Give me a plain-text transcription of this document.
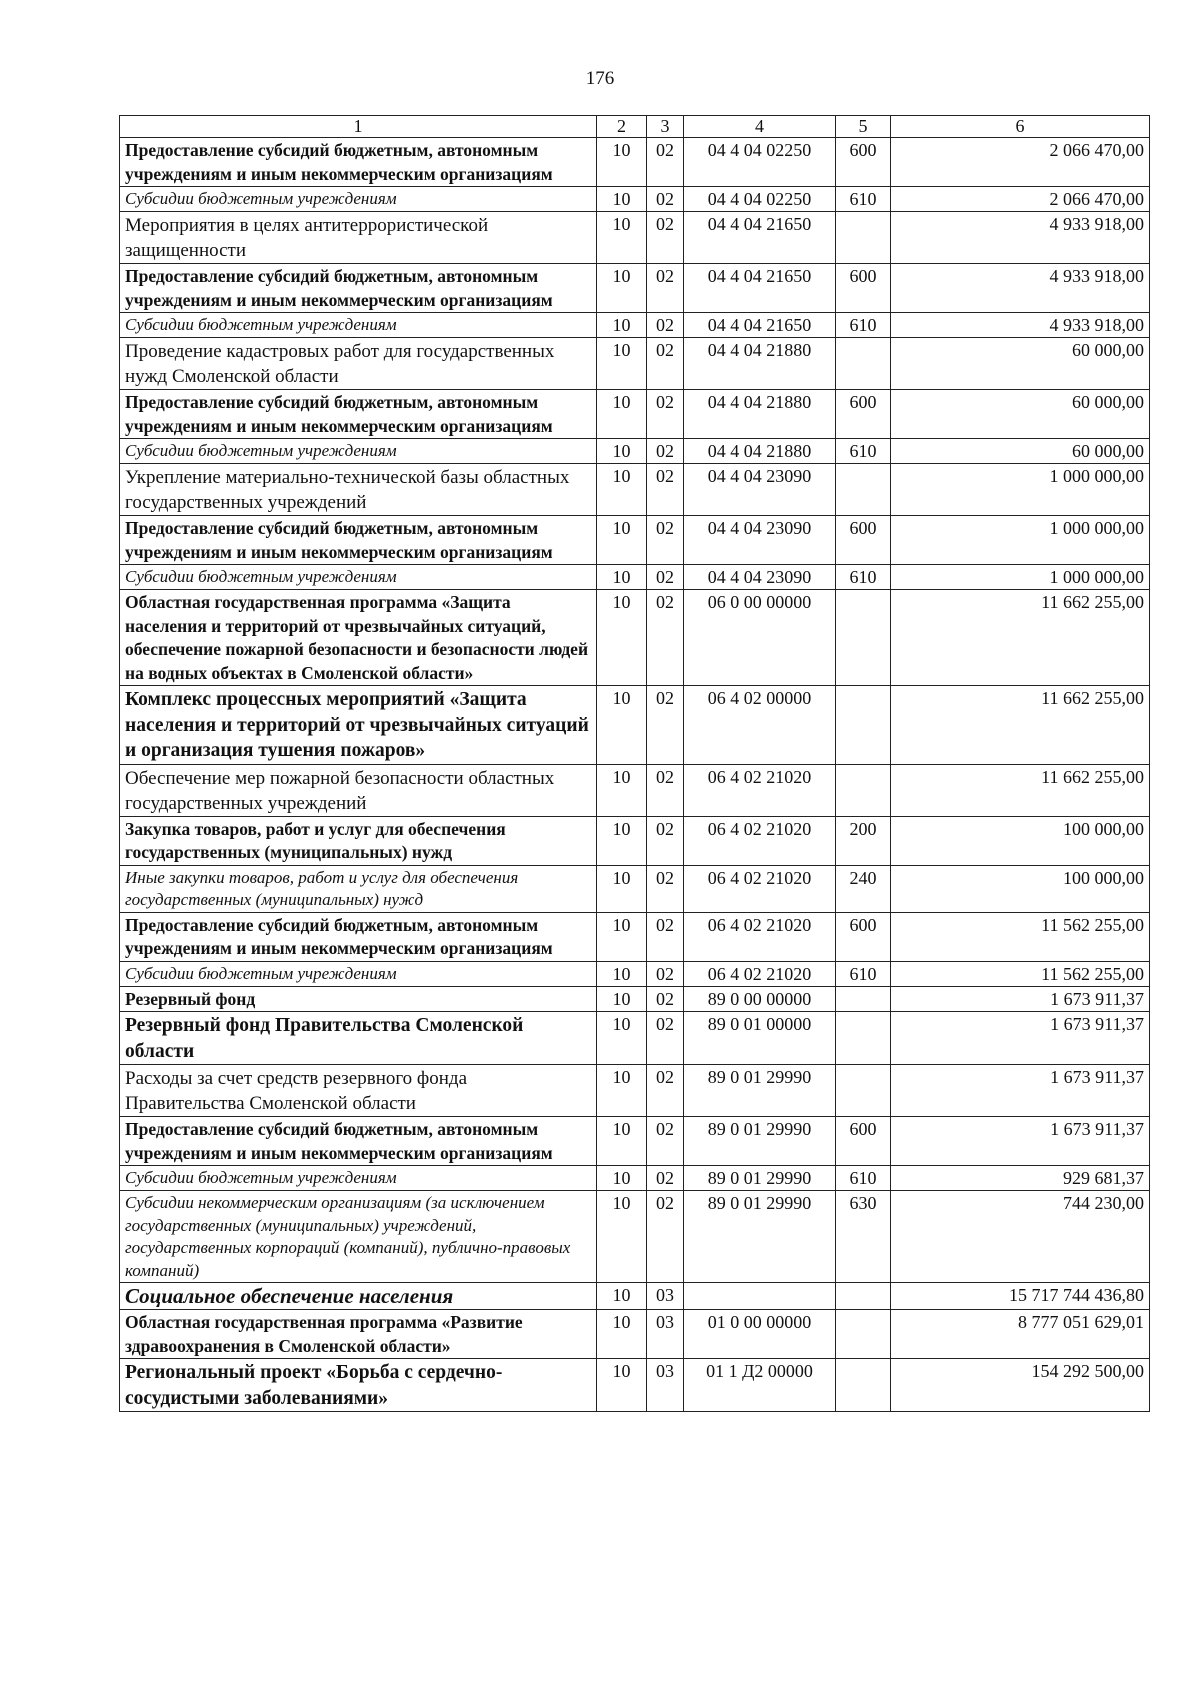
176
1	2	3	4	5	6
Предоставление субсидий бюджетным, автономным учреждениям и иным некоммерческим организациям	10	02	04 4 04 02250	600	2 066 470,00
Субсидии бюджетным учреждениям	10	02	04 4 04 02250	610	2 066 470,00
Мероприятия в целях антитеррористической защищенности	10	02	04 4 04 21650		4 933 918,00
Предоставление субсидий бюджетным, автономным учреждениям и иным некоммерческим организациям	10	02	04 4 04 21650	600	4 933 918,00
Субсидии бюджетным учреждениям	10	02	04 4 04 21650	610	4 933 918,00
Проведение кадастровых работ для государственных нужд Смоленской области	10	02	04 4 04 21880		60 000,00
Предоставление субсидий бюджетным, автономным учреждениям и иным некоммерческим организациям	10	02	04 4 04 21880	600	60 000,00
Субсидии бюджетным учреждениям	10	02	04 4 04 21880	610	60 000,00
Укрепление материально-технической базы областных государственных учреждений	10	02	04 4 04 23090		1 000 000,00
Предоставление субсидий бюджетным, автономным учреждениям и иным некоммерческим организациям	10	02	04 4 04 23090	600	1 000 000,00
Субсидии бюджетным учреждениям	10	02	04 4 04 23090	610	1 000 000,00
Областная государственная программа «Защита населения и территорий от чрезвычайных ситуаций, обеспечение пожарной безопасности и безопасности людей на водных объектах в Смоленской области»	10	02	06 0 00 00000		11 662 255,00
Комплекс процессных мероприятий «Защита населения и территорий от чрезвычайных ситуаций и организация тушения пожаров»	10	02	06 4 02 00000		11 662 255,00
Обеспечение мер пожарной безопасности областных государственных учреждений	10	02	06 4 02 21020		11 662 255,00
Закупка товаров, работ и услуг для обеспечения государственных (муниципальных) нужд	10	02	06 4 02 21020	200	100 000,00
Иные закупки товаров, работ и услуг для обеспечения государственных (муниципальных) нужд	10	02	06 4 02 21020	240	100 000,00
Предоставление субсидий бюджетным, автономным учреждениям и иным некоммерческим организациям	10	02	06 4 02 21020	600	11 562 255,00
Субсидии бюджетным учреждениям	10	02	06 4 02 21020	610	11 562 255,00
Резервный фонд	10	02	89 0 00 00000		1 673 911,37
Резервный фонд Правительства Смоленской области	10	02	89 0 01 00000		1 673 911,37
Расходы за счет средств резервного фонда Правительства Смоленской области	10	02	89 0 01 29990		1 673 911,37
Предоставление субсидий бюджетным, автономным учреждениям и иным некоммерческим организациям	10	02	89 0 01 29990	600	1 673 911,37
Субсидии бюджетным учреждениям	10	02	89 0 01 29990	610	929 681,37
Субсидии некоммерческим организациям (за исключением государственных (муниципальных) учреждений, государственных корпораций (компаний), публично-правовых компаний)	10	02	89 0 01 29990	630	744 230,00
Социальное обеспечение населения	10	03			15 717 744 436,80
Областная государственная программа «Развитие здравоохранения в Смоленской области»	10	03	01 0 00 00000		8 777 051 629,01
Региональный проект «Борьба с сердечно-сосудистыми заболеваниями»	10	03	01 1 Д2 00000		154 292 500,00
